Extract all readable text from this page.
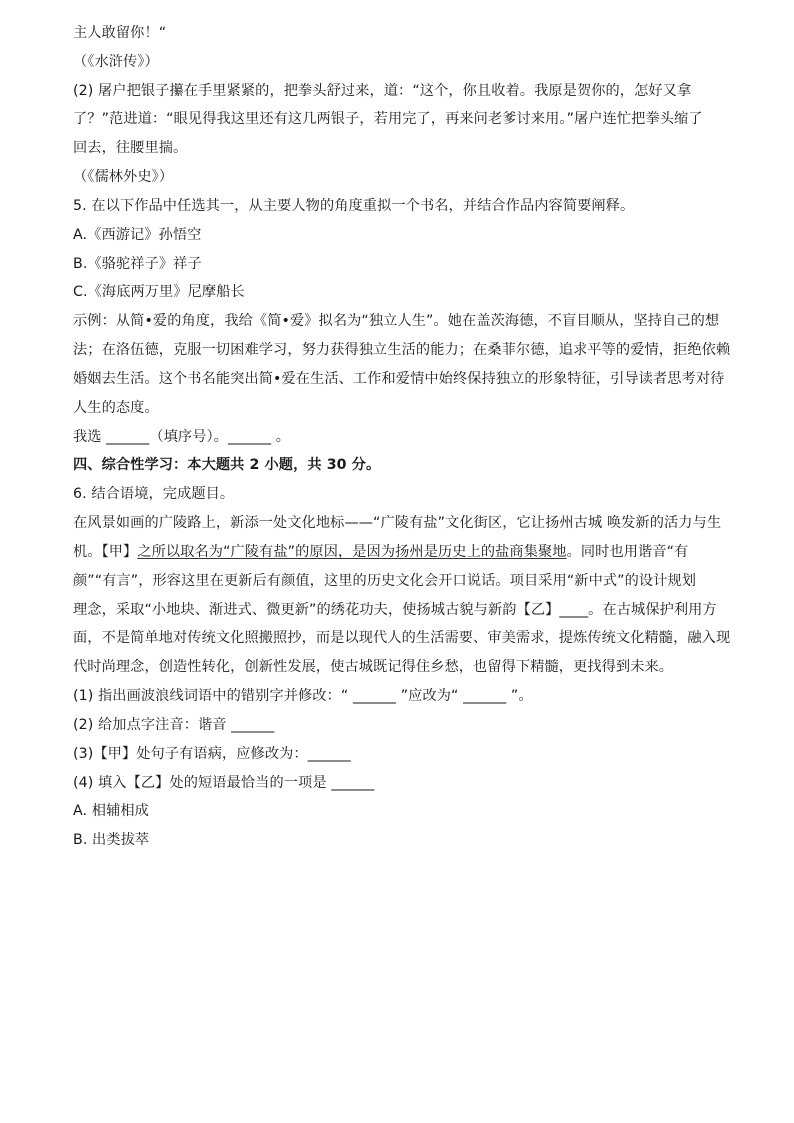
主人敢留你！“
（《水浒传》）
(2) 屠户把银子攥在手里紧紧的，把拳头舒过来，道：“这个，你且收着。我原是贺你的，怎好又拿
了？”范进道：“眼见得我这里还有这几两银子，若用完了，再来问老爹讨来用。”屠户连忙把拳头缩了
回去，往腰里揣。
（《儒林外史》）
5. 在以下作品中任选其一，从主要人物的角度重拟一个书名，并结合作品内容简要阐释。
A.《西游记》孙悟空
B.《骆驼祥子》祥子
C.《海底两万里》尼摩船长
示例：从简•爱的角度，我给《简•爱》拟名为“独立人生”。她在盖茨海德，不盲目顺从，坚持自己的想
法；在洛伍德，克服一切困难学习，努力获得独立生活的能力；在桑菲尔德，追求平等的爱情，拒绝依赖
婚姻去生活。这个书名能突出简•爱在生活、工作和爱情中始终保持独立的形象特征，引导读者思考对待
人生的态度。
我选 ______（填序号）。______ 。
四、综合性学习：本大题共 2 小题，共 30 分。
6. 结合语境，完成题目。
在风景如画的广陵路上，新添一处文化地标——“广陵有盐”文化街区，它让扬州古城 唤发新的活力与生
机。【甲】之所以取名为“广陵有盐”的原因，是因为扬州是历史上的盐商集聚地。同时也用谐音“有
颜”“有言”，形容这里在更新后有颜值，这里的历史文化会开口说话。项目采用“新中式”的设计规划
理念，采取“小地块、渐进式、微更新”的绣花功夫，使扬城古貌与新韵【乙】____。在古城保护利用方
面，不是简单地对传统文化照搬照抄，而是以现代人的生活需要、审美需求，提炼传统文化精髓，融入现
代时尚理念，创造性转化，创新性发展，使古城既记得住乡愁，也留得下精髓，更找得到未来。
(1) 指出画波浪线词语中的错别字并修改：“ ______ ”应改为“ ______ ”。
(2) 给加点字注音：谐音 ______
(3)【甲】处句子有语病，应修改为：______
(4) 填入【乙】处的短语最恰当的一项是 ______
A. 相辅相成
B. 出类拔萃
